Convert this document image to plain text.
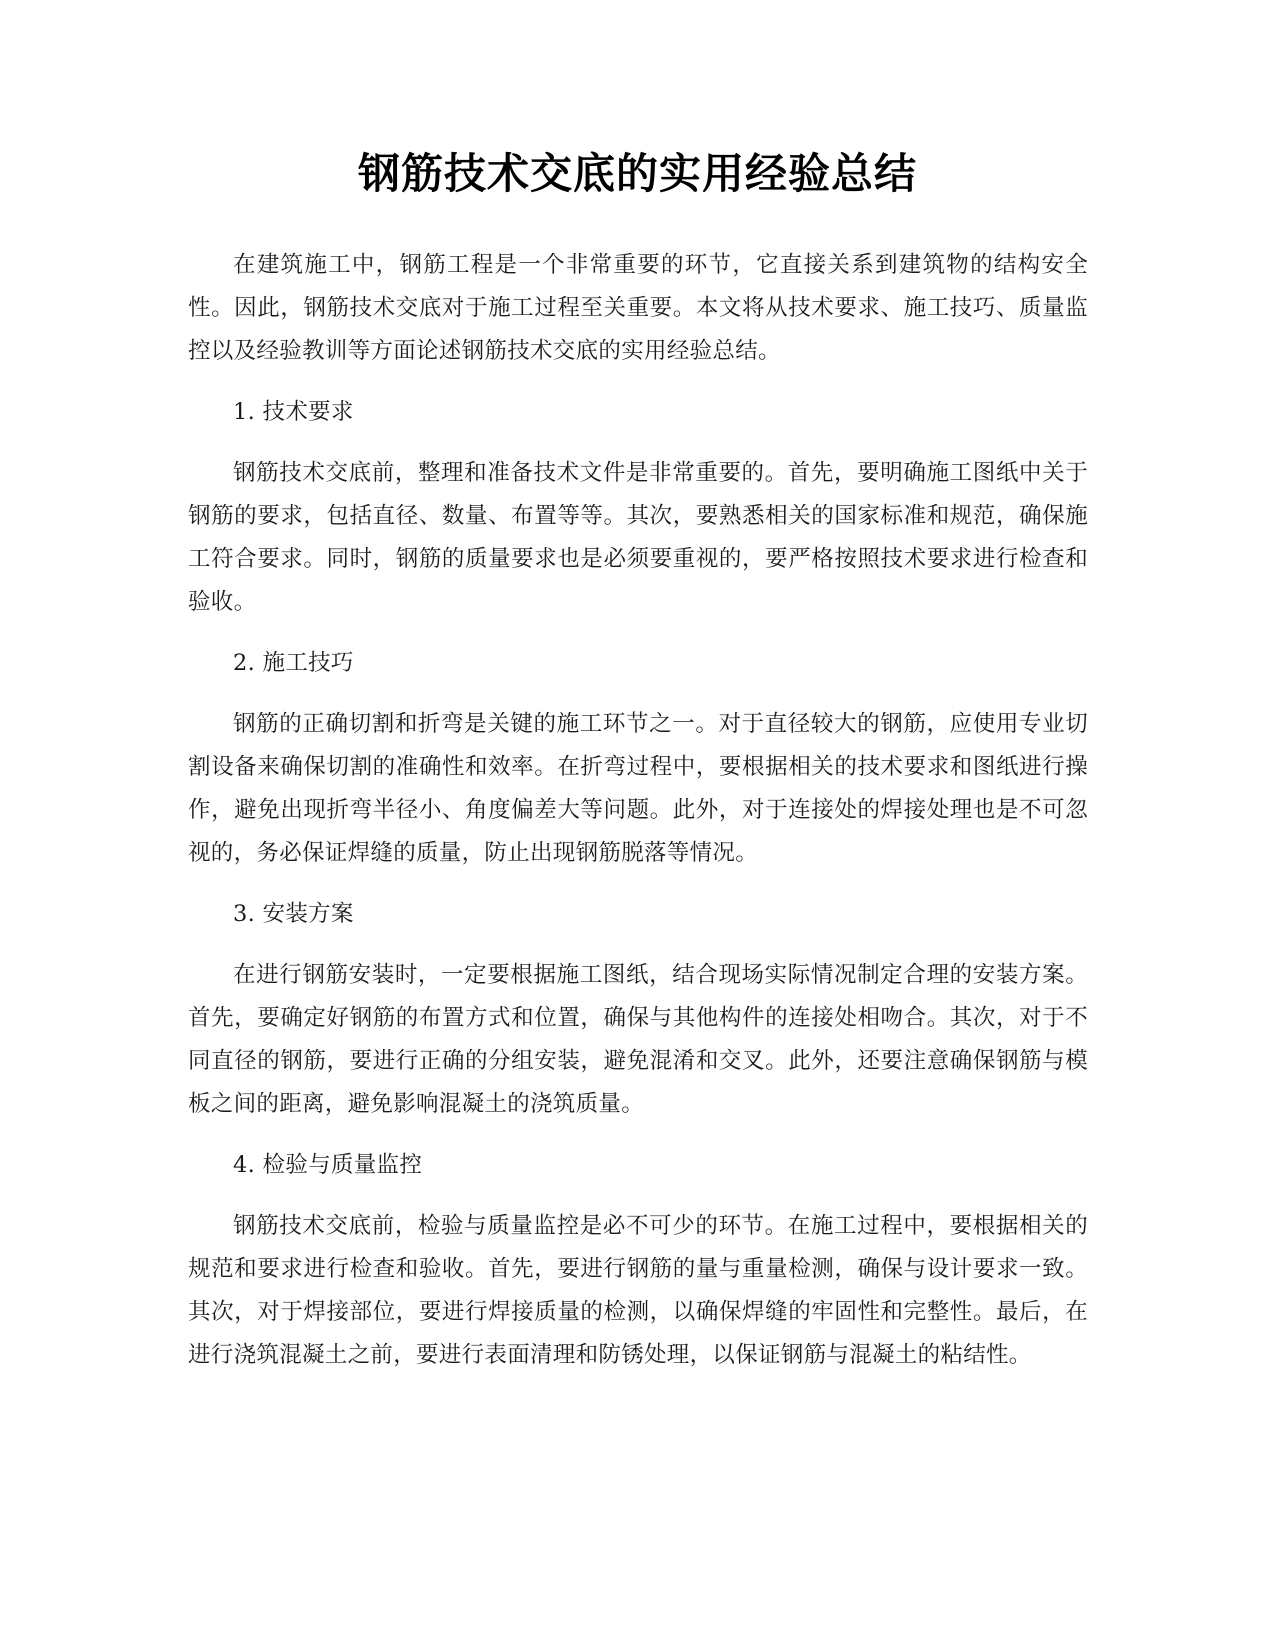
钢筋技术交底的实用经验总结

在建筑施工中，钢筋工程是一个非常重要的环节，它直接关系到建筑物的结构安全性。因此，钢筋技术交底对于施工过程至关重要。本文将从技术要求、施工技巧、质量监控以及经验教训等方面论述钢筋技术交底的实用经验总结。

1. 技术要求

钢筋技术交底前，整理和准备技术文件是非常重要的。首先，要明确施工图纸中关于钢筋的要求，包括直径、数量、布置等等。其次，要熟悉相关的国家标准和规范，确保施工符合要求。同时，钢筋的质量要求也是必须要重视的，要严格按照技术要求进行检查和验收。

2. 施工技巧

钢筋的正确切割和折弯是关键的施工环节之一。对于直径较大的钢筋，应使用专业切割设备来确保切割的准确性和效率。在折弯过程中，要根据相关的技术要求和图纸进行操作，避免出现折弯半径小、角度偏差大等问题。此外，对于连接处的焊接处理也是不可忽视的，务必保证焊缝的质量，防止出现钢筋脱落等情况。

3. 安装方案

在进行钢筋安装时，一定要根据施工图纸，结合现场实际情况制定合理的安装方案。首先，要确定好钢筋的布置方式和位置，确保与其他构件的连接处相吻合。其次，对于不同直径的钢筋，要进行正确的分组安装，避免混淆和交叉。此外，还要注意确保钢筋与模板之间的距离，避免影响混凝土的浇筑质量。

4. 检验与质量监控

钢筋技术交底前，检验与质量监控是必不可少的环节。在施工过程中，要根据相关的规范和要求进行检查和验收。首先，要进行钢筋的量与重量检测，确保与设计要求一致。其次，对于焊接部位，要进行焊接质量的检测，以确保焊缝的牢固性和完整性。最后，在进行浇筑混凝土之前，要进行表面清理和防锈处理，以保证钢筋与混凝土的粘结性。
